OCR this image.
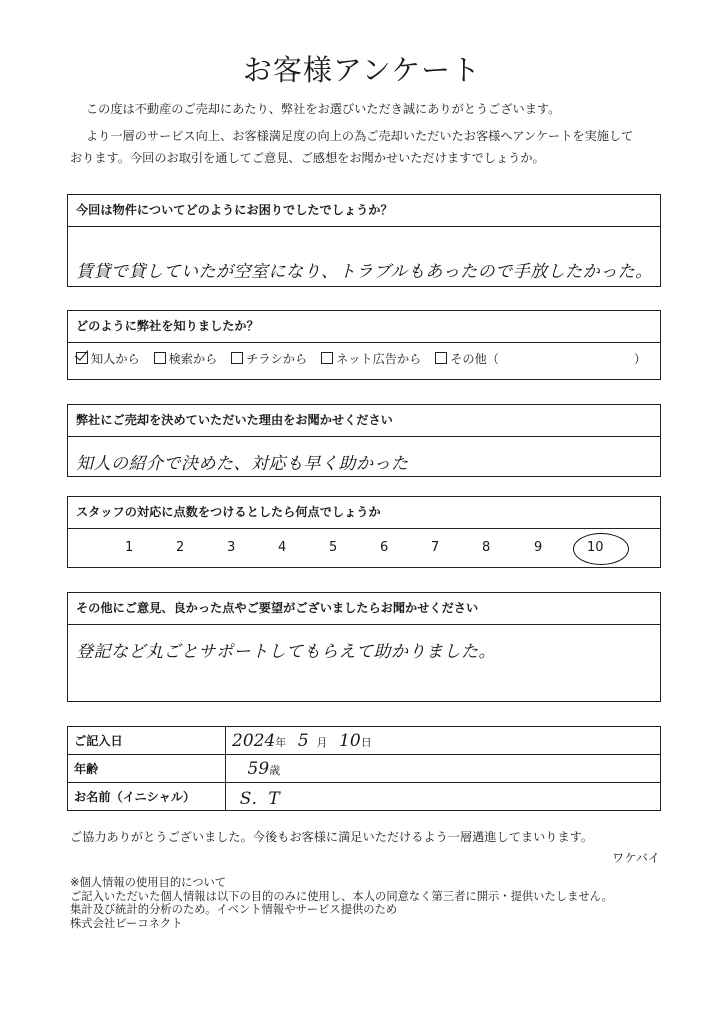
お客様アンケート
この度は不動産のご売却にあたり、弊社をお選びいただき誠にありがとうございます。
より一層のサービス向上、お客様満足度の向上の為ご売却いただいたお客様へアンケートを実施して
おります。今回のお取引を通してご意見、ご感想をお聞かせいただけますでしょうか。
今回は物件についてどのようにお困りでしたでしょうか？
賃貸で貸していたが空室になり、トラブルもあったので手放したかった。
どのように弊社を知りましたか？
知人から 検索から チラシから ネット広告から その他（	）
弊社にご売却を決めていただいた理由をお聞かせください
知人の紹介で決めた、対応も早く助かった
スタッフの対応に点数をつけるとしたら何点でしょうか
1	2	3	4	5	6	7	8	9	10
その他にご意見、良かった点やご要望がございましたらお聞かせください
登記など丸ごとサポートしてもらえて助かりました。
ご記入日	2024年 5 月 10日
年齢	59歳
お名前（イニシャル）	S．T
ご協力ありがとうございました。今後もお客様に満足いただけるよう一層邁進してまいります。
ワケバイ
※個人情報の使用目的について
ご記入いただいた個人情報は以下の目的のみに使用し、本人の同意なく第三者に開示・提供いたしません。
集計及び統計的分析のため。イベント情報やサービス提供のため
株式会社ビーコネクト
